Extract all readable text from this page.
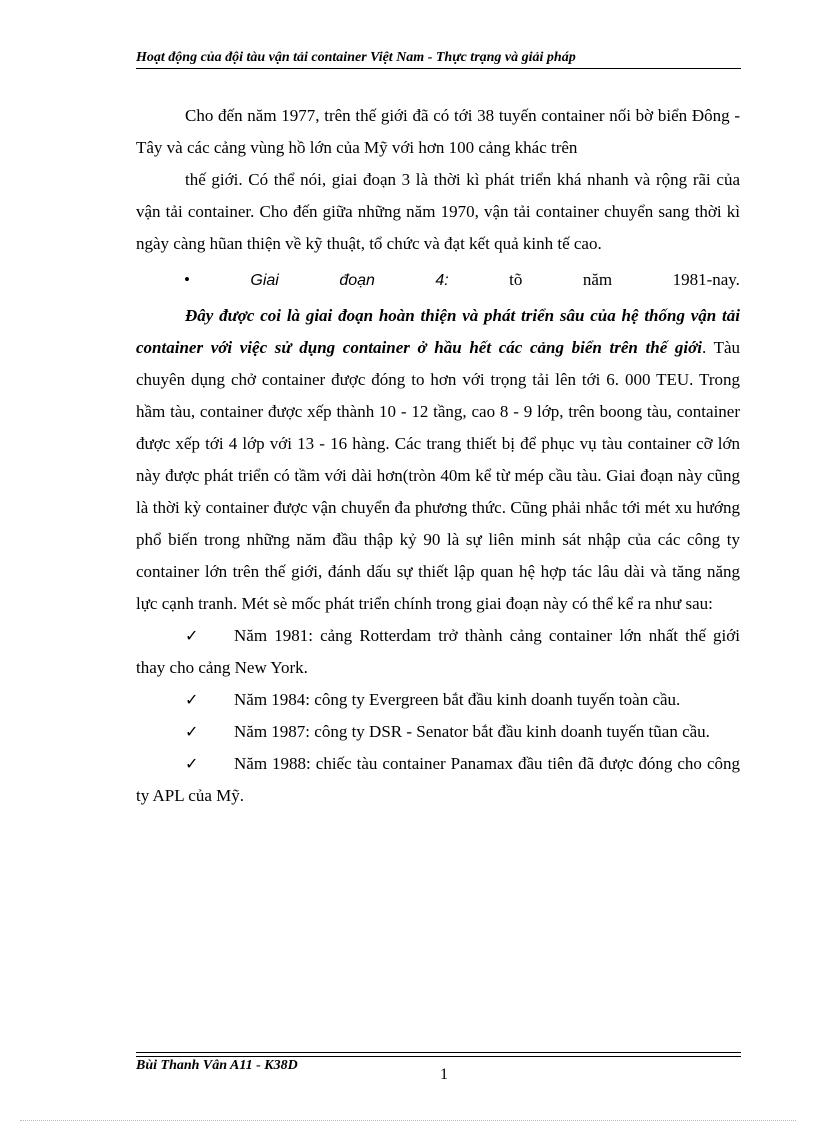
Hoạt động của đội tàu vận tải container Việt Nam - Thực trạng và giải pháp

Cho đến năm 1977, trên thế giới đã có tới 38 tuyến container nối bờ biển Đông - Tây và các cảng vùng hồ lớn của Mỹ với hơn 100 cảng khác trên

thế giới. Có thể nói, giai đoạn 3 là thời kì phát triển khá nhanh và rộng rãi của vận tải container. Cho đến giữa những năm 1970, vận tải container chuyển sang thời kì ngày càng hũan thiện về kỹ thuật, tổ chức và đạt kết quả kinh tế cao.

•	Giai	đoạn	4:	tõ	năm	1981-nay.

Đây được coi là giai đoạn hoàn thiện và phát triển sâu của hệ thống vận tải container với việc sử dụng container ở hầu hết các cảng biển trên thế giới. Tàu chuyên dụng chở container được đóng to hơn với trọng tải lên tới 6. 000 TEU. Trong hầm tàu, container được xếp thành 10 - 12 tầng, cao 8 - 9 lớp, trên boong tàu, container được xếp tới 4 lớp với 13 - 16 hàng. Các trang thiết bị để phục vụ tàu container cỡ lớn này được phát triển có tầm với dài hơn(tròn 40m kể từ mép cầu tàu. Giai đoạn này cũng là thời kỳ container được vận chuyển đa phương thức. Cũng phải nhắc tới mét xu hướng phổ biến trong những năm đầu thập kỷ 90 là sự liên minh sát nhập của các công ty container lớn trên thế giới, đánh dấu sự thiết lập quan hệ hợp tác lâu dài và tăng năng lực cạnh tranh. Mét sè mốc phát triển chính trong giai đoạn này có thể kể ra như sau:

✓ Năm 1981: cảng Rotterdam trở thành cảng container lớn nhất thế giới thay cho cảng New York.

✓ Năm 1984: công ty Evergreen bắt đầu kinh doanh tuyến toàn cầu.

✓ Năm 1987: công ty DSR - Senator bắt đầu kinh doanh tuyến tũan cầu.

✓ Năm 1988: chiếc tàu container Panamax đầu tiên đã được đóng cho công ty APL của Mỹ.

Bùi Thanh Vân A11 - K38D
1
